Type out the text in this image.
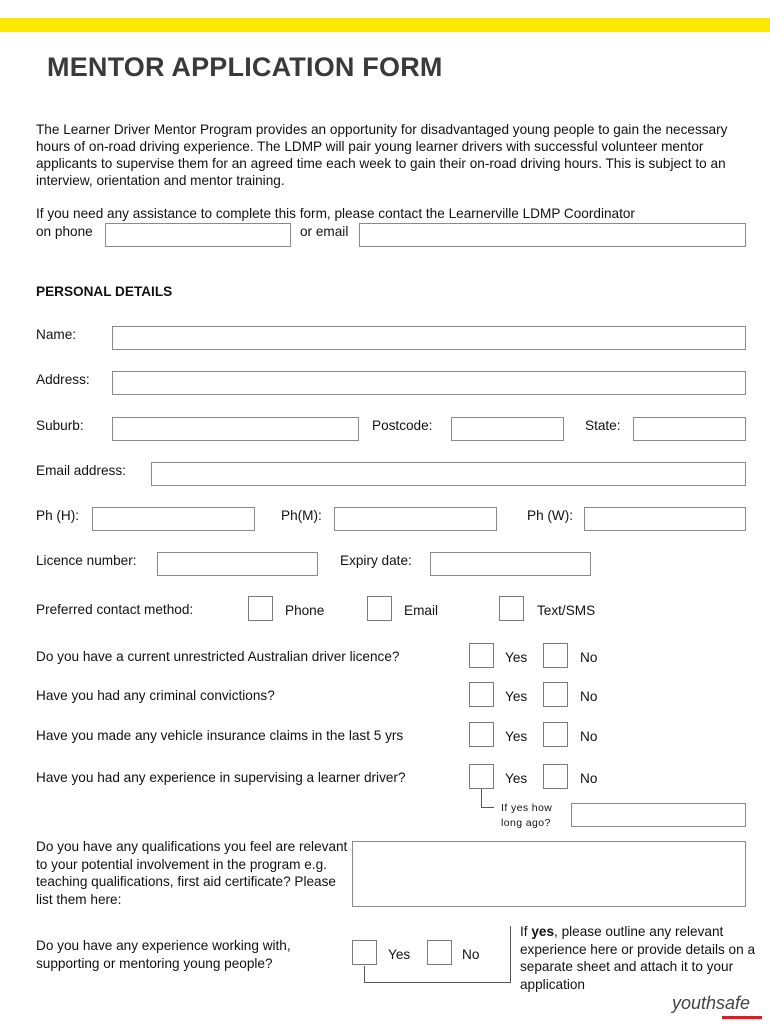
MENTOR APPLICATION FORM
The Learner Driver Mentor Program provides an opportunity for disadvantaged young people to gain the necessary hours of on-road driving experience. The LDMP will pair young learner drivers with successful volunteer mentor applicants to supervise them for an agreed time each week to gain their on-road driving hours. This is subject to an interview, orientation and mentor training.
If you need any assistance to complete this form, please contact the Learnerville LDMP Coordinator
on phone	or email
PERSONAL DETAILS
Name:
Address:
Suburb:	Postcode:	State:
Email address:
Ph (H):	Ph(M):	Ph (W):
Licence number:	Expiry date:
Preferred contact method:	Phone	Email	Text/SMS
Do you have a current unrestricted Australian driver licence?	Yes	No
Have you had any criminal convictions?	Yes	No
Have you made any vehicle insurance claims in the last 5 yrs	Yes	No
Have you had any experience in supervising a learner driver?	Yes	No
If yes how
long ago?
Do you have any qualifications you feel are relevant to your potential involvement in the program e.g. teaching qualifications, first aid certificate? Please list them here:
Do you have any experience working with, supporting or mentoring young people?
Yes	No
If yes, please outline any relevant experience here or provide details on a separate sheet and attach it to your application
youthsafe
